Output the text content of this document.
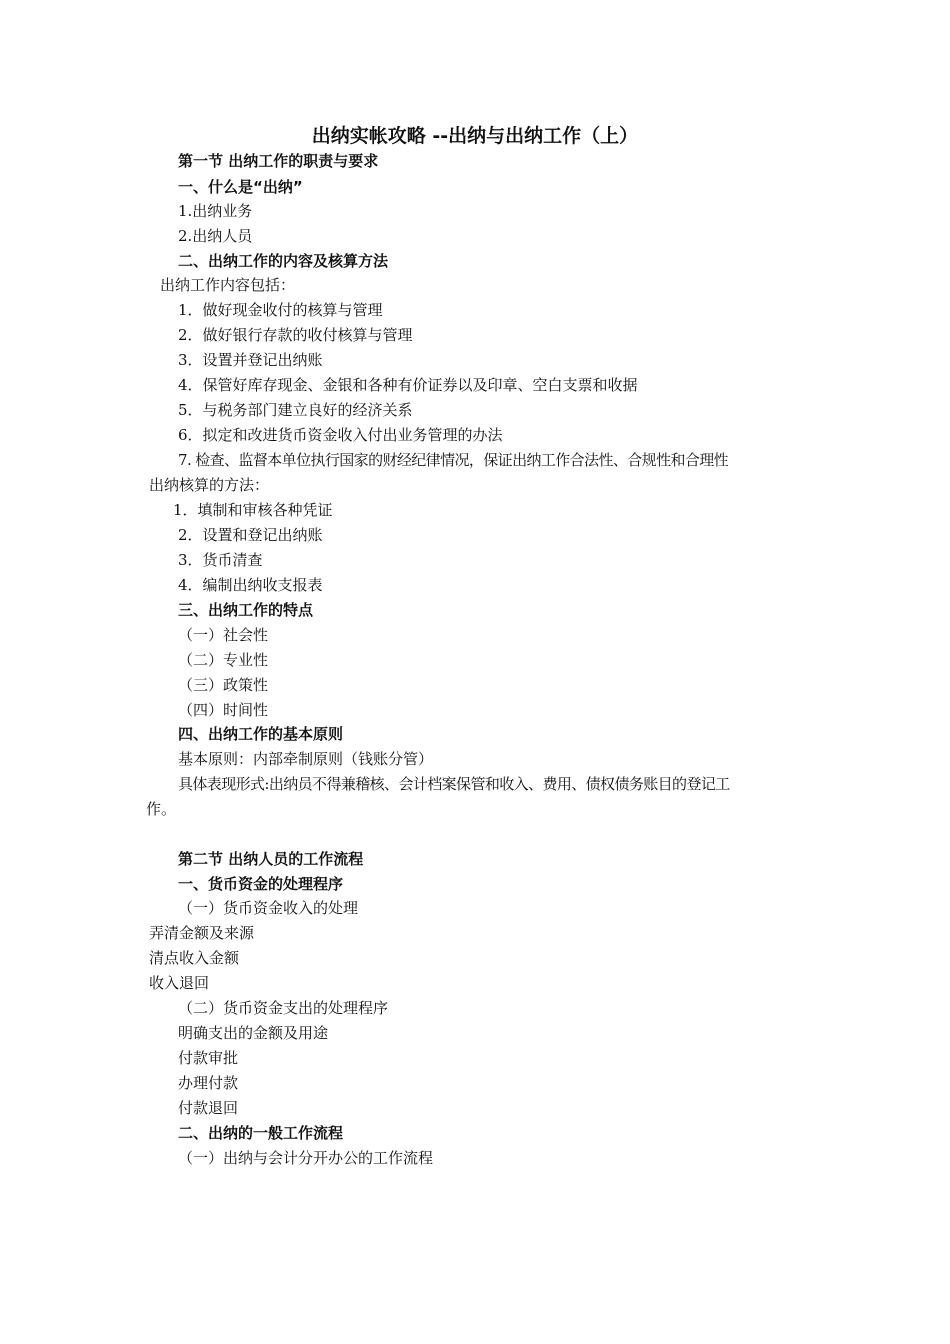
出纳实帐攻略 --出纳与出纳工作（上）
第一节 出纳工作的职责与要求
一、什么是“出纳”
1.出纳业务
2.出纳人员
二、出纳工作的内容及核算方法
出纳工作内容包括：
1．做好现金收付的核算与管理
2．做好银行存款的收付核算与管理
3．设置并登记出纳账
4．保管好库存现金、金银和各种有价证券以及印章、空白支票和收据
5．与税务部门建立良好的经济关系
6．拟定和改进货币资金收入付出业务管理的办法
7. 检查、监督本单位执行国家的财经纪律情况，保证出纳工作合法性、合规性和合理性
出纳核算的方法：
1．填制和审核各种凭证
2．设置和登记出纳账
3．货币清查
4．编制出纳收支报表
三、出纳工作的特点
（一）社会性
（二）专业性
（三）政策性
（四）时间性
四、出纳工作的基本原则
基本原则：内部牵制原则（钱账分管）
具体表现形式:出纳员不得兼稽核、会计档案保管和收入、费用、债权债务账目的登记工
作。
第二节 出纳人员的工作流程
一、货币资金的处理程序
（一）货币资金收入的处理
弄清金额及来源
清点收入金额
收入退回
（二）货币资金支出的处理程序
明确支出的金额及用途
付款审批
办理付款
付款退回
二、出纳的一般工作流程
（一）出纳与会计分开办公的工作流程
